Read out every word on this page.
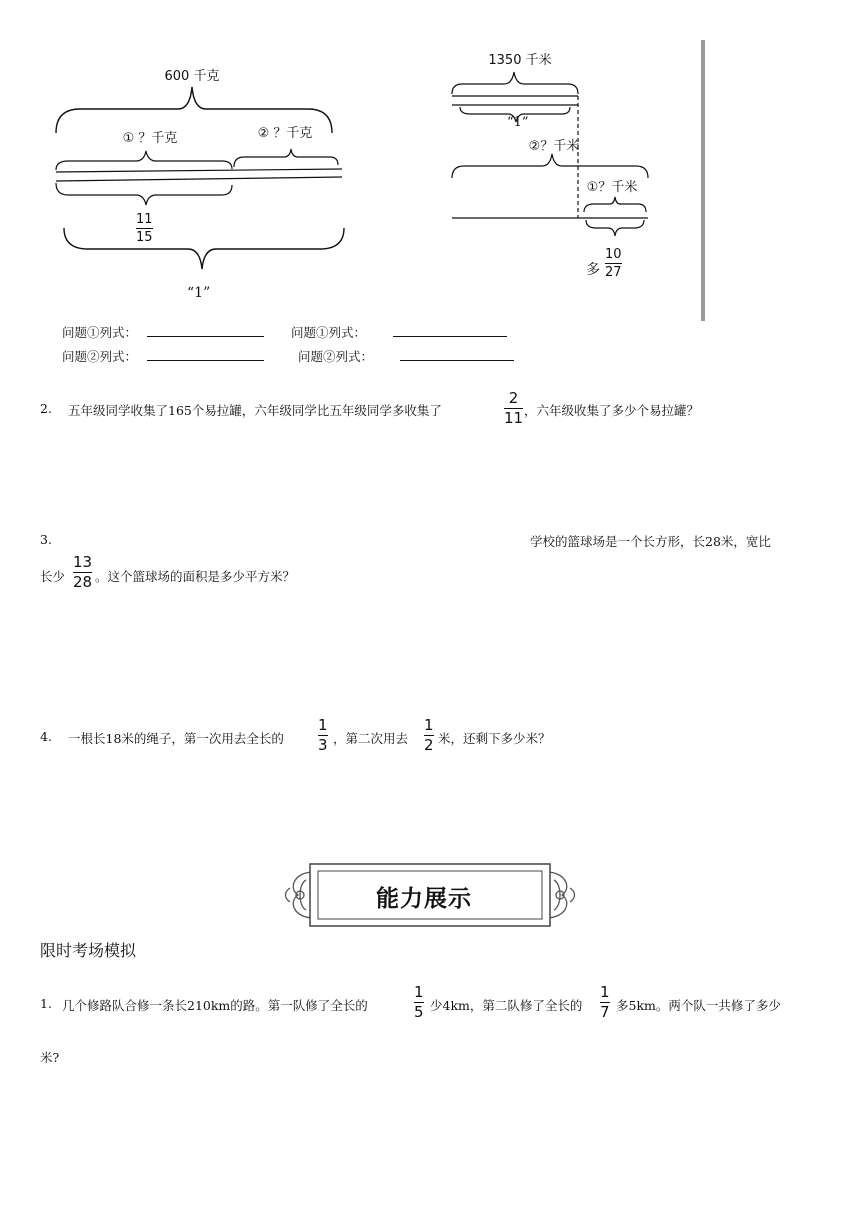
600 千克
① ？千克	② ？千克
11
15
“1”
1350 千米
②？千米
①？千米
“1”
多
10
27
问题①列式：	问题①列式：
问题②列式：	问题②列式：
2. 五年级同学收集了165个易拉罐，六年级同学比五年级同学多收集了
2
11 ，六年级收集了多少个易拉罐？
3.	学校的篮球场是一个长方形，长28米，宽比
长少
13
28 。这个篮球场的面积是多少平方米？
4. 一根长18米的绳子，第一次用去全长的
1
3 ，第二次用去
1
2 米，还剩下多少米？
能力展示
限时考场模拟
1. 几个修路队合修一条长210km的路。第一队修了全长的
1
5 少4km，第二队修了全长的
1
7 多5km。两个队一共修了多少
米?
